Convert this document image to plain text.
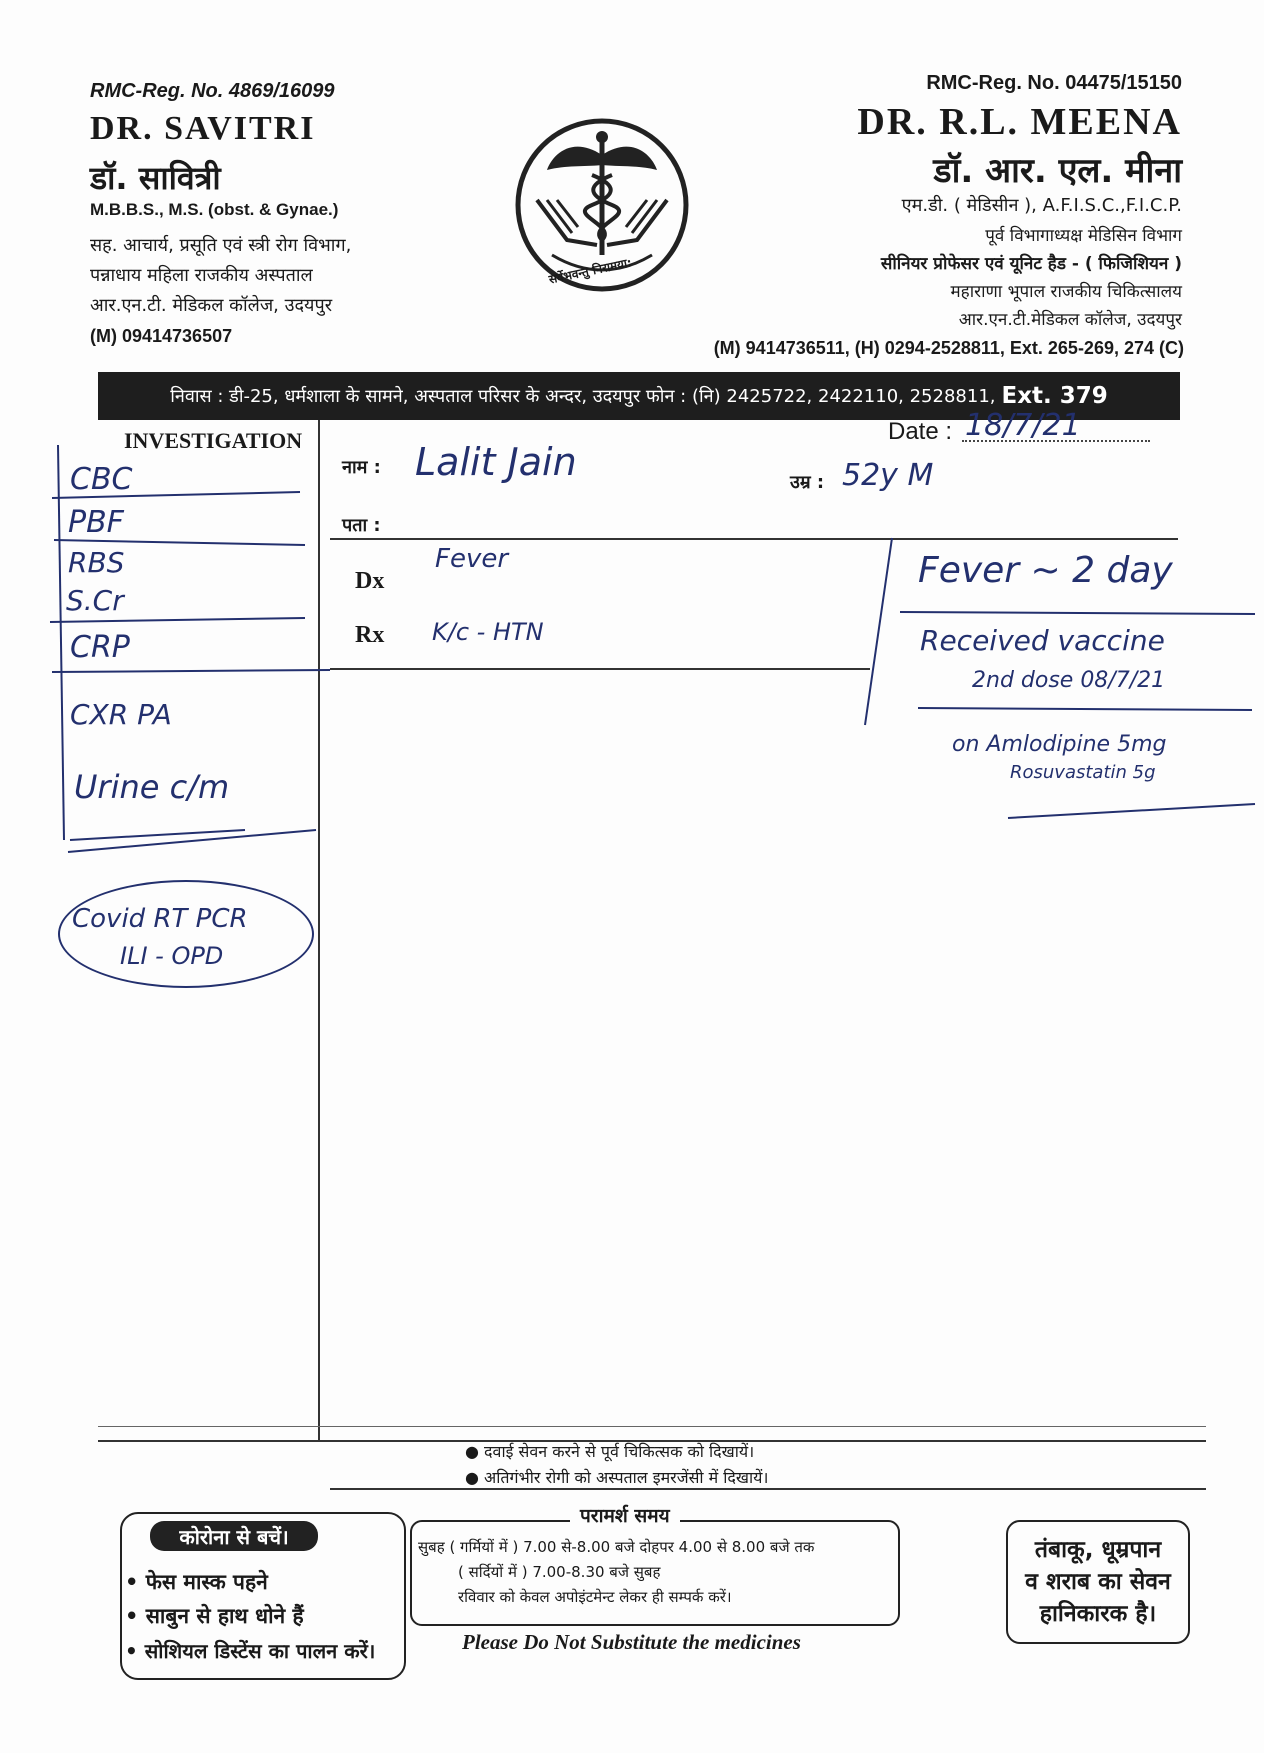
RMC-Reg. No. 4869/16099
DR. SAVITRI
डॉ. सावित्री
M.B.B.S., M.S. (obst. & Gynae.)
सह. आचार्य, प्रसूति एवं स्त्री रोग विभाग,
पन्नाधाय महिला राजकीय अस्पताल
आर.एन.टी. मेडिकल कॉलेज, उदयपुर
(M) 09414736507
सर्वेभवन्तु निरामया:
RMC-Reg. No. 04475/15150
DR. R.L. MEENA
डॉ. आर. एल. मीना
एम.डी. ( मेडिसीन ), A.F.I.S.C.,F.I.C.P.
पूर्व विभागाध्यक्ष मेडिसिन विभाग
सीनियर प्रोफेसर एवं यूनिट हैड - ( फिजिशियन )
महाराणा भूपाल राजकीय चिकित्सालय
आर.एन.टी.मेडिकल कॉलेज, उदयपुर
(M) 9414736511, (H) 0294-2528811, Ext. 265-269, 274 (C)
निवास : डी-25, धर्मशाला के सामने, अस्पताल परिसर के अन्दर, उदयपुर फोन : (नि) 2425722, 2422110, 2528811, Ext. 379
INVESTIGATION	Date :
नाम :
उम्र :
पता :
Dx
Rx
18/7/21
Lalit Jain	52y M
Fever
K/c - HTN
CBC
PBF
RBS
S.Cr
CRP
CXR PA
Urine c/m
Covid RT PCR
ILI - OPD
Fever ~ 2 day
Received vaccine
2nd dose 08/7/21
on Amlodipine 5mg
Rosuvastatin 5g
● दवाई सेवन करने से पूर्व चिकित्सक को दिखायें।
● अतिगंभीर रोगी को अस्पताल इमरजेंसी में दिखायें।
कोरोना से बचें।
• फेस मास्क पहने
• साबुन से हाथ धोने हैं
• सोशियल डिस्टेंस का पालन करें।
परामर्श समय
सुबह ( गर्मियों में ) 7.00 से-8.00 बजे दोहपर 4.00 से 8.00 बजे तक
( सर्दियों में ) 7.00-8.30 बजे सुबह
रविवार को केवल अपोइंटमेन्ट लेकर ही सम्पर्क करें।
Please Do Not Substitute the medicines
तंबाकू, धूम्रपान
व शराब का सेवन
हानिकारक है।
